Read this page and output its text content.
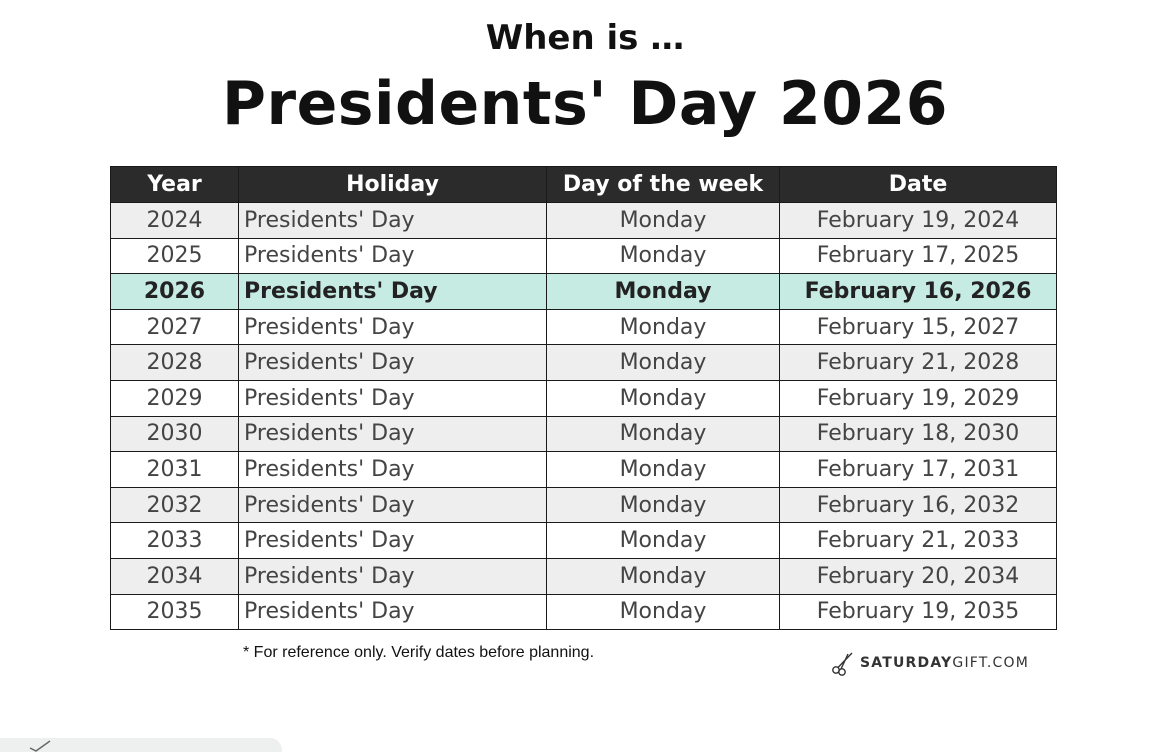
When is …
Presidents' Day 2026
Year	Holiday	Day of the week	Date
2024	Presidents' Day	Monday	February 19, 2024
2025	Presidents' Day	Monday	February 17, 2025
2026	Presidents' Day	Monday	February 16, 2026
2027	Presidents' Day	Monday	February 15, 2027
2028	Presidents' Day	Monday	February 21, 2028
2029	Presidents' Day	Monday	February 19, 2029
2030	Presidents' Day	Monday	February 18, 2030
2031	Presidents' Day	Monday	February 17, 2031
2032	Presidents' Day	Monday	February 16, 2032
2033	Presidents' Day	Monday	February 21, 2033
2034	Presidents' Day	Monday	February 20, 2034
2035	Presidents' Day	Monday	February 19, 2035
* For reference only. Verify dates before planning.
SATURDAY GIFT.COM
